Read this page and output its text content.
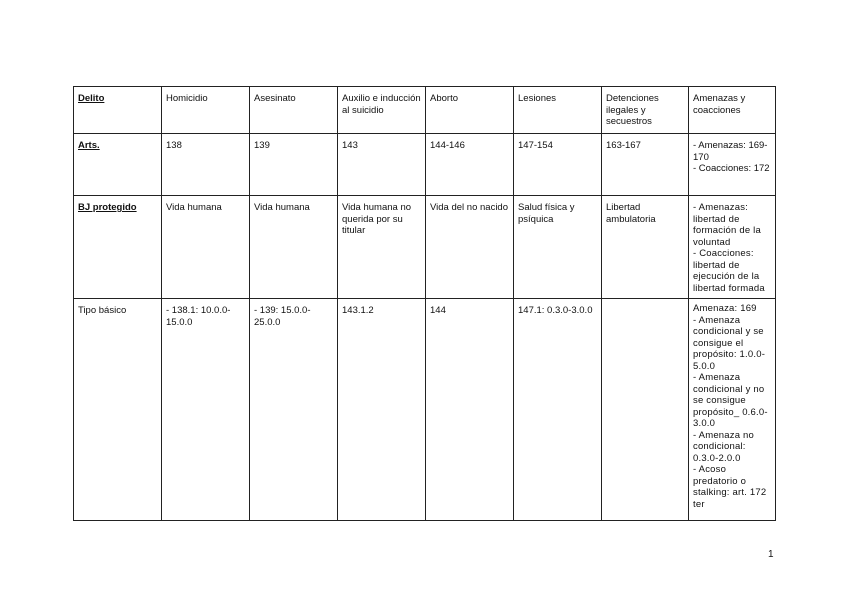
Delito	Homicidio	Asesinato	Auxilio e inducción al suicidio	Aborto	Lesiones	Detenciones ilegales y secuestros	Amenazas y coacciones
Arts.	138	139	143	144-146	147-154	163-167	- Amenazas: 169-170
- Coacciones: 172
BJ protegido	Vida humana	Vida humana	Vida humana no querida por su titular	Vida del no nacido	Salud física y psíquica	Libertad ambulatoria	- Amenazas: libertad de formación de la voluntad
- Coacciones: libertad de ejecución de la libertad formada
Tipo básico	- 138.1: 10.0.0-15.0.0	- 139: 15.0.0-25.0.0	143.1.2	144	147.1: 0.3.0-3.0.0		Amenaza: 169
- Amenaza condicional y se consigue el propósito: 1.0.0-5.0.0
- Amenaza condicional y no se consigue propósito_ 0.6.0-3.0.0
- Amenaza no condicional: 0.3.0-2.0.0
- Acoso predatorio o stalking: art. 172 ter
1
